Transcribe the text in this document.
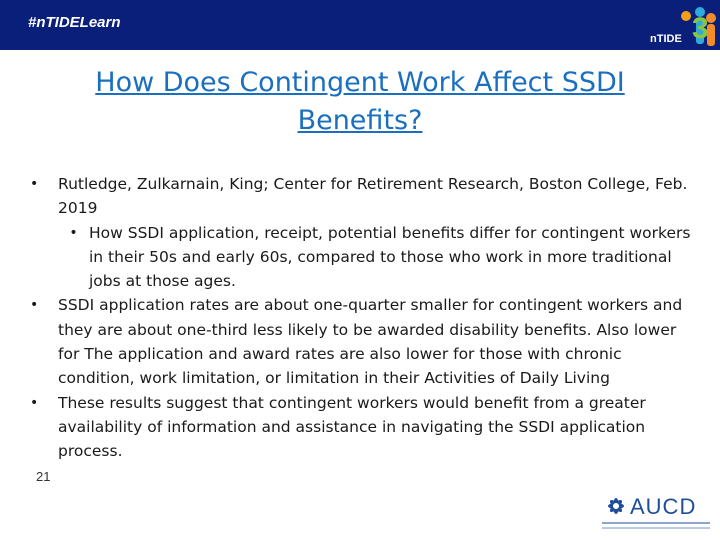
#nTIDELearn	3
nTIDE
How Does Contingent Work Affect SSDI
Benefits?
•	Rutledge, Zulkarnain, King; Center for Retirement Research, Boston College, Feb. 2019
• How SSDI application, receipt, potential benefits differ for contingent workers in their 50s and early 60s, compared to those who work in more traditional jobs at those ages.
•	SSDI application rates are about one-quarter smaller for contingent workers and they are about one-third less likely to be awarded disability benefits. Also lower for The application and award rates are also lower for those with chronic condition, work limitation, or limitation in their Activities of Daily Living
•	These results suggest that contingent workers would benefit from a greater availability of information and assistance in navigating the SSDI application process.
21
AUCD
